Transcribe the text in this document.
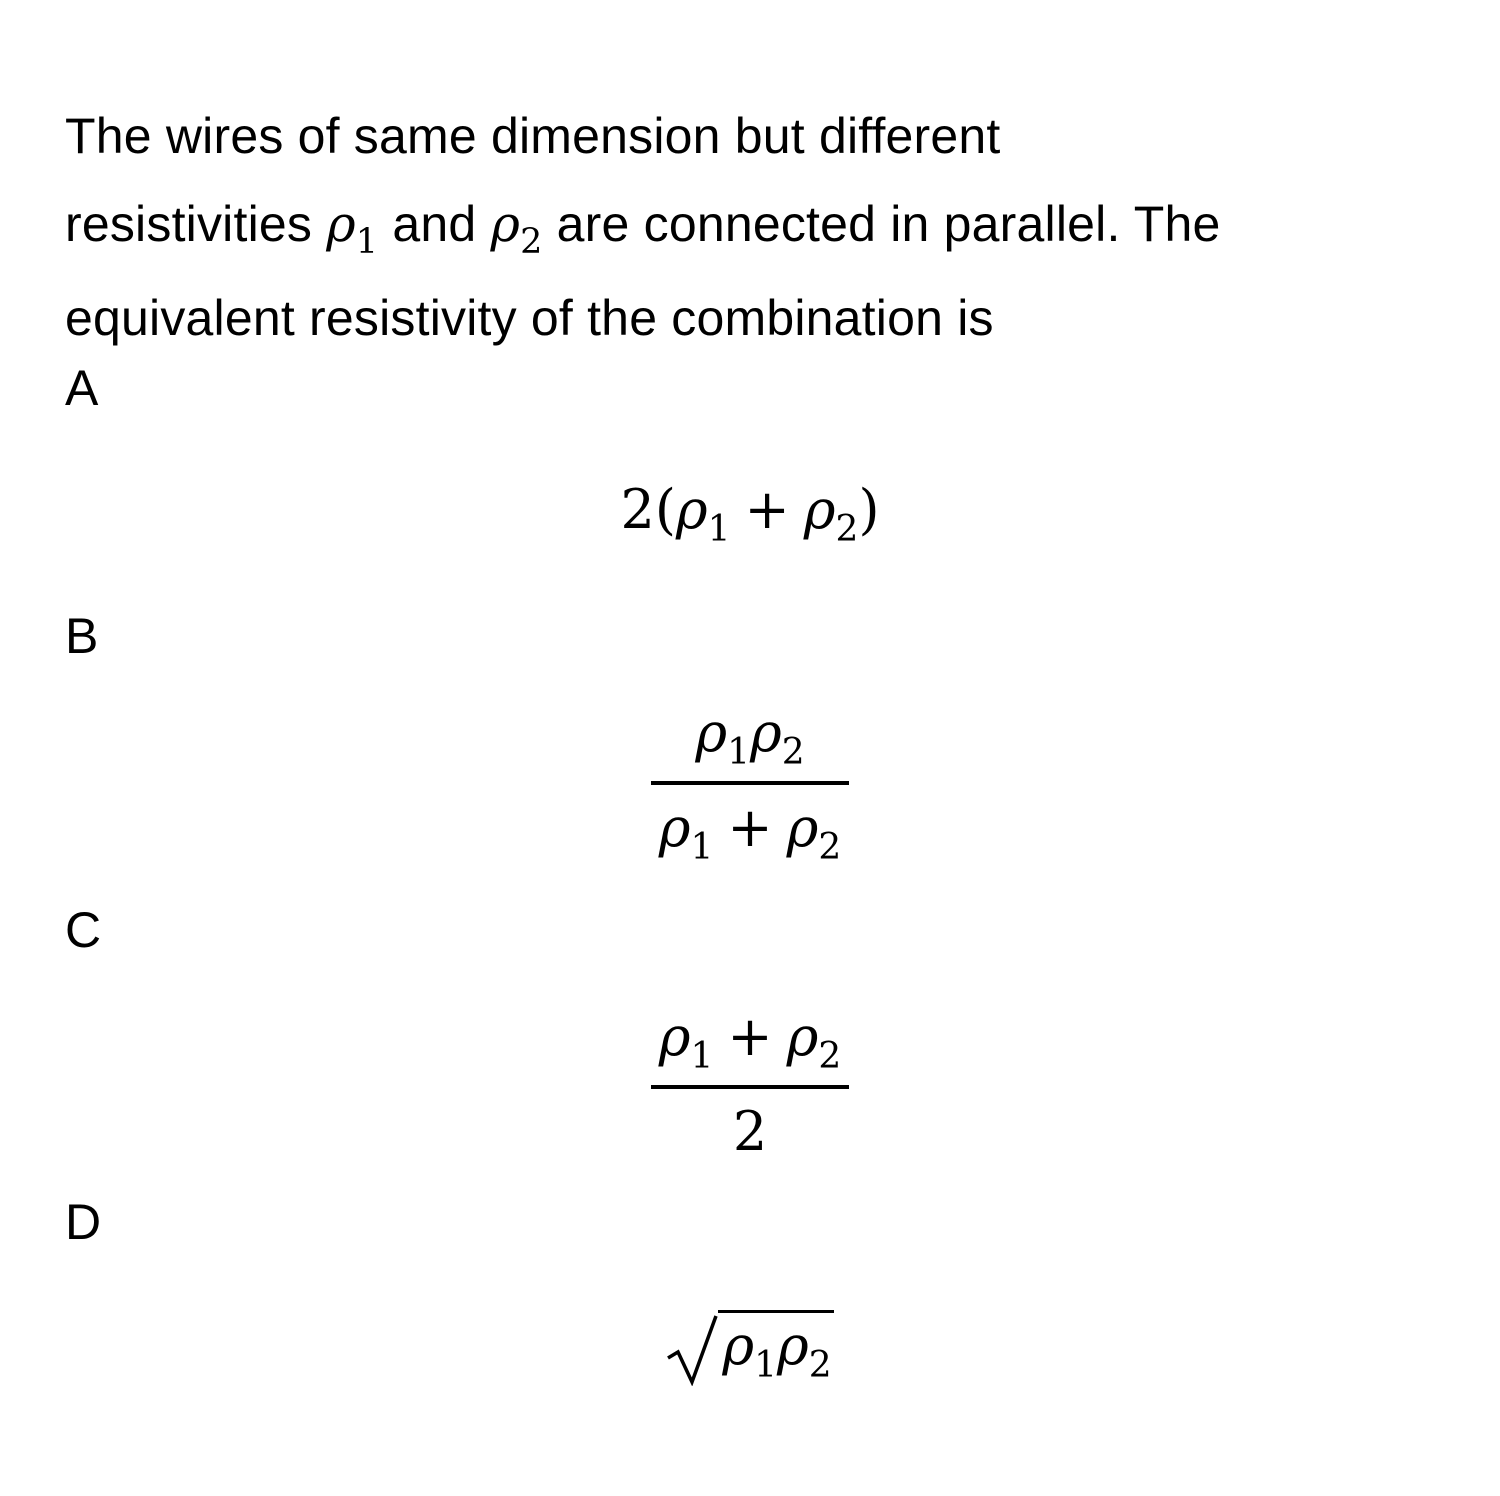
The wires of same dimension but different
resistivities $\rho_1$ and $\rho_2$ are connected in parallel. The
equivalent resistivity of the combination is
A
$2(\rho_1 + \rho_2)$
B
$\frac{\rho_1\rho_2}{\rho_1 + \rho_2}$
C
$\frac{\rho_1 + \rho_2}{2}$
D
$\rho_1\rho_2$
